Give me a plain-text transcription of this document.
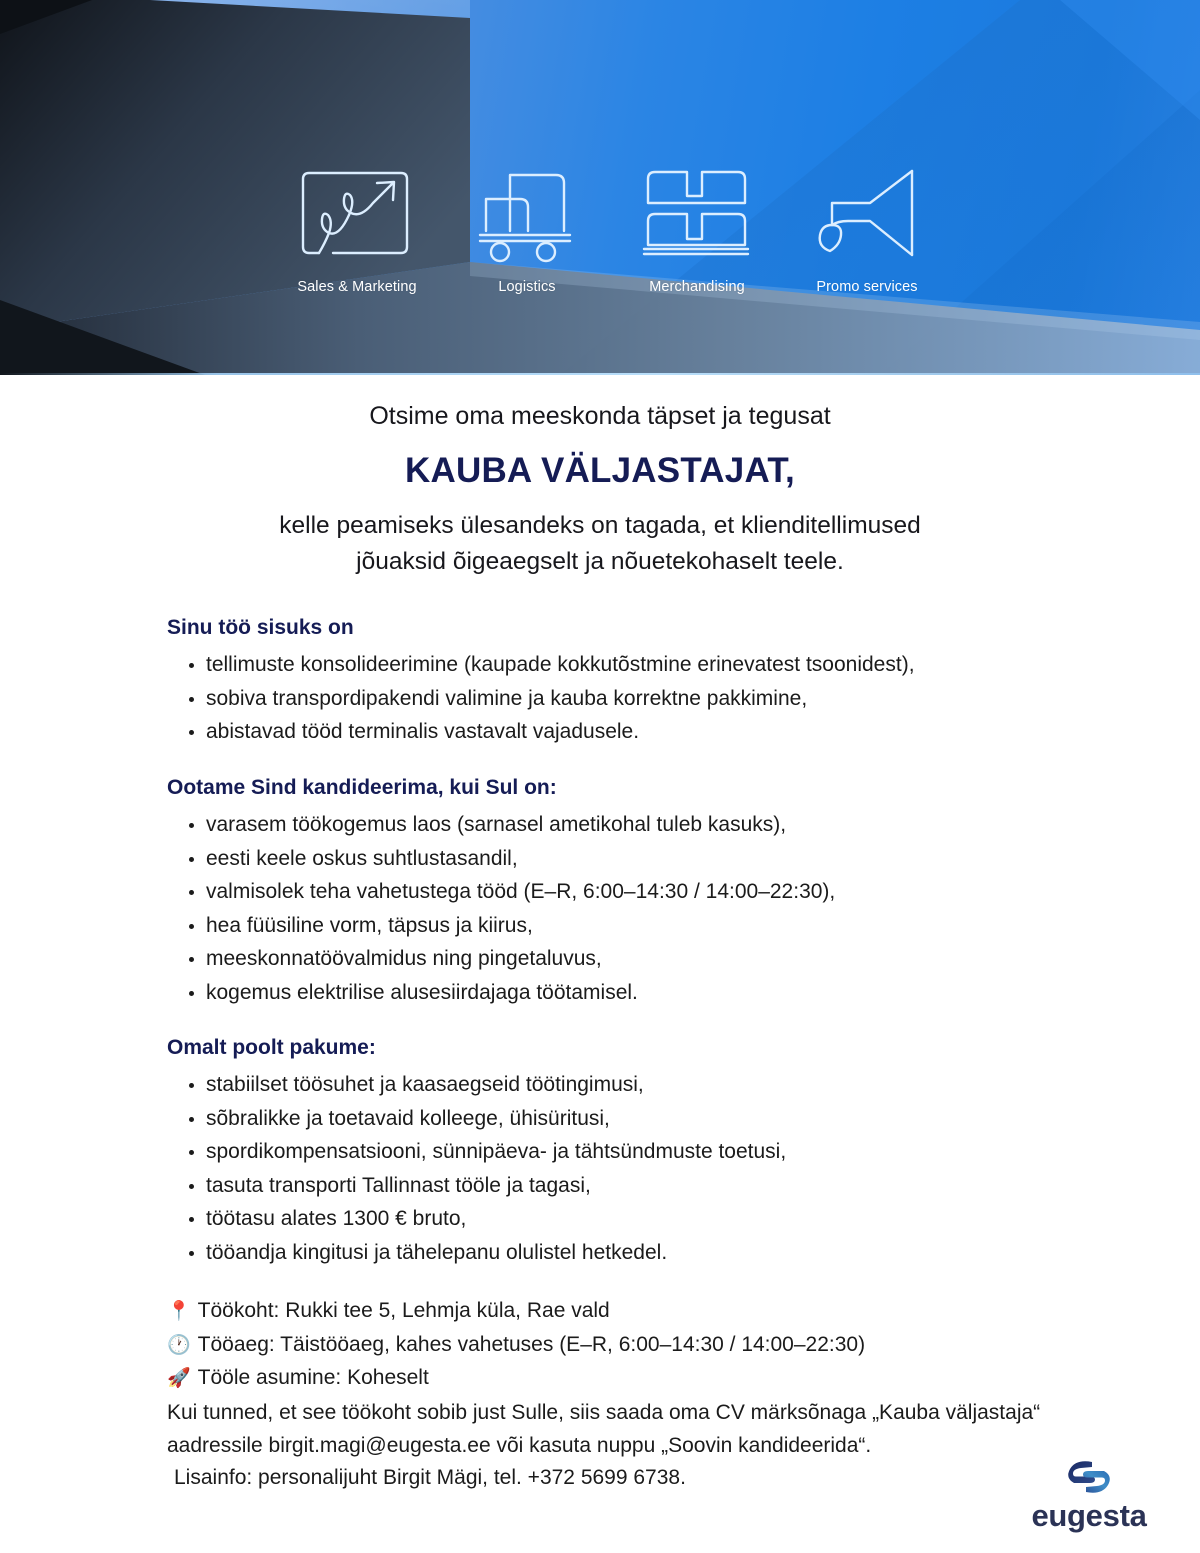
Sales & Marketing	Logistics	Merchandising	Promo services
Otsime oma meeskonda täpset ja tegusat
KAUBA VÄLJASTAJAT,
kelle peamiseks ülesandeks on tagada, et klienditellimused
jõuaksid õigeaegselt ja nõuetekohaselt teele.
Sinu töö sisuks on
tellimuste konsolideerimine (kaupade kokkutõstmine erinevatest tsoonidest),
sobiva transpordipakendi valimine ja kauba korrektne pakkimine,
abistavad tööd terminalis vastavalt vajadusele.
Ootame Sind kandideerima, kui Sul on:
varasem töökogemus laos (sarnasel ametikohal tuleb kasuks),
eesti keele oskus suhtlustasandil,
valmisolek teha vahetustega tööd (E–R, 6:00–14:30 / 14:00–22:30),
hea füüsiline vorm, täpsus ja kiirus,
meeskonnatöövalmidus ning pingetaluvus,
kogemus elektrilise alusesiirdajaga töötamisel.
Omalt poolt pakume:
stabiilset töösuhet ja kaasaegseid töötingimusi,
sõbralikke ja toetavaid kolleege, ühisüritusi,
spordikompensatsiooni, sünnipäeva- ja tähtsündmuste toetusi,
tasuta transporti Tallinnast tööle ja tagasi,
töötasu alates 1300 € bruto,
tööandja kingitusi ja tähelepanu olulistel hetkedel.
📍 Töökoht: Rukki tee 5, Lehmja küla, Rae vald
🕐 Tööaeg: Täistööaeg, kahes vahetuses (E–R, 6:00–14:30 / 14:00–22:30)
🚀 Tööle asumine: Koheselt
Kui tunned, et see töökoht sobib just Sulle, siis saada oma CV märksõnaga „Kauba väljastaja“ aadressile birgit.magi@eugesta.ee või kasuta nuppu „Soovin kandideerida“.
Lisainfo: personalijuht Birgit Mägi, tel. +372 5699 6738.
eugesta
